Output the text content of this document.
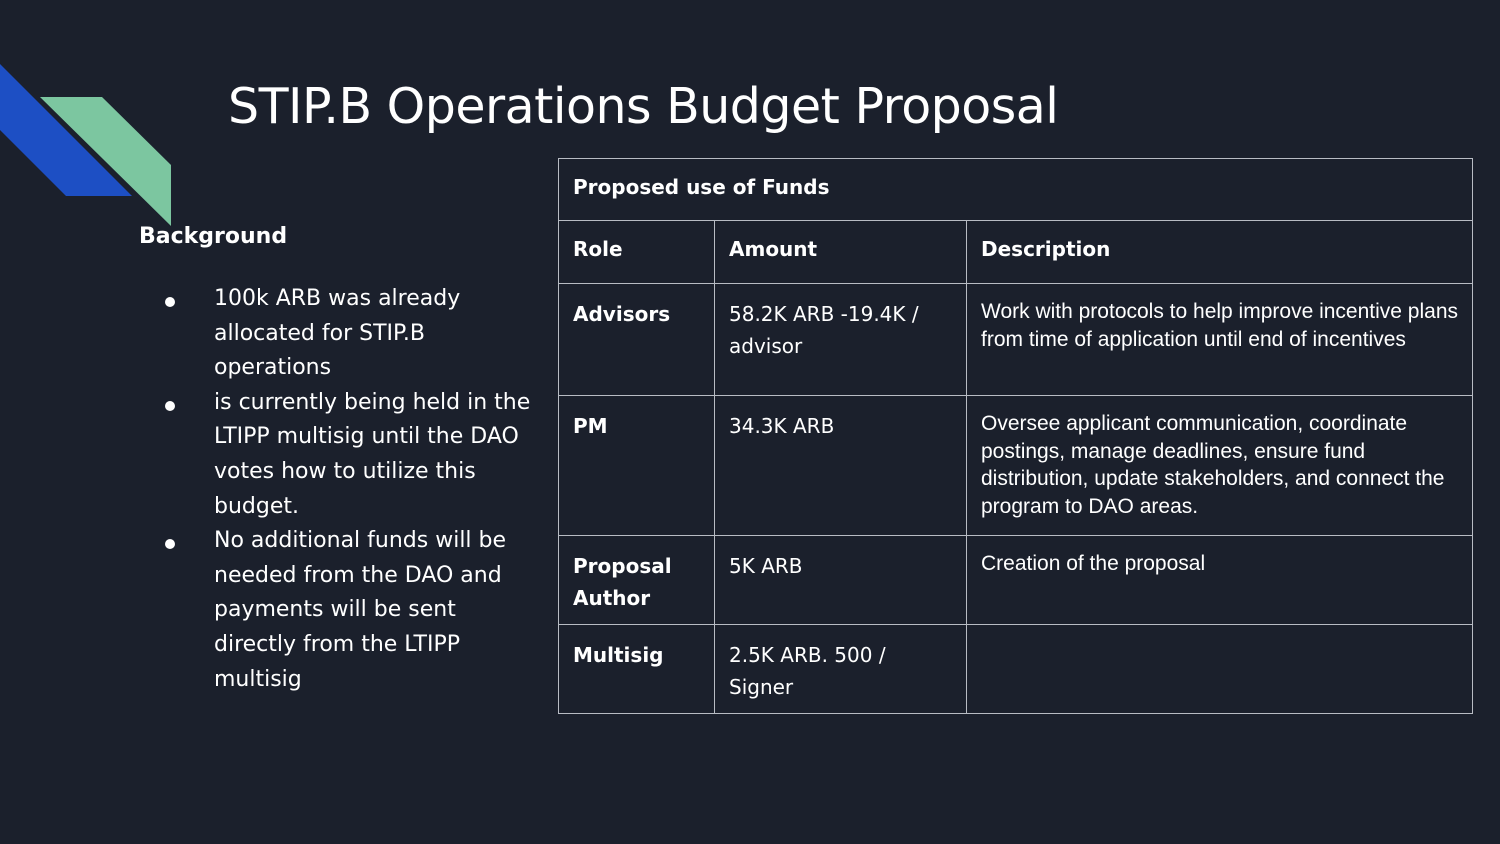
STIP.B Operations Budget Proposal
Background
100k ARB was already allocated for STIP.B operations
is currently being held in the LTIPP multisig until the DAO votes how to utilize this budget.
No additional funds will be needed from the DAO and payments will be sent directly from the LTIPP multisig
Proposed use of Funds		
Role	Amount	Description
Advisors	58.2K ARB -19.4K / advisor	Work with protocols to help improve incentive plans from time of application until end of incentives
PM	34.3K ARB	Oversee applicant communication, coordinate postings, manage deadlines, ensure fund distribution, update stakeholders, and connect the program to DAO areas.
Proposal Author	5K ARB	Creation of the proposal
Multisig	2.5K ARB. 500 / Signer	
